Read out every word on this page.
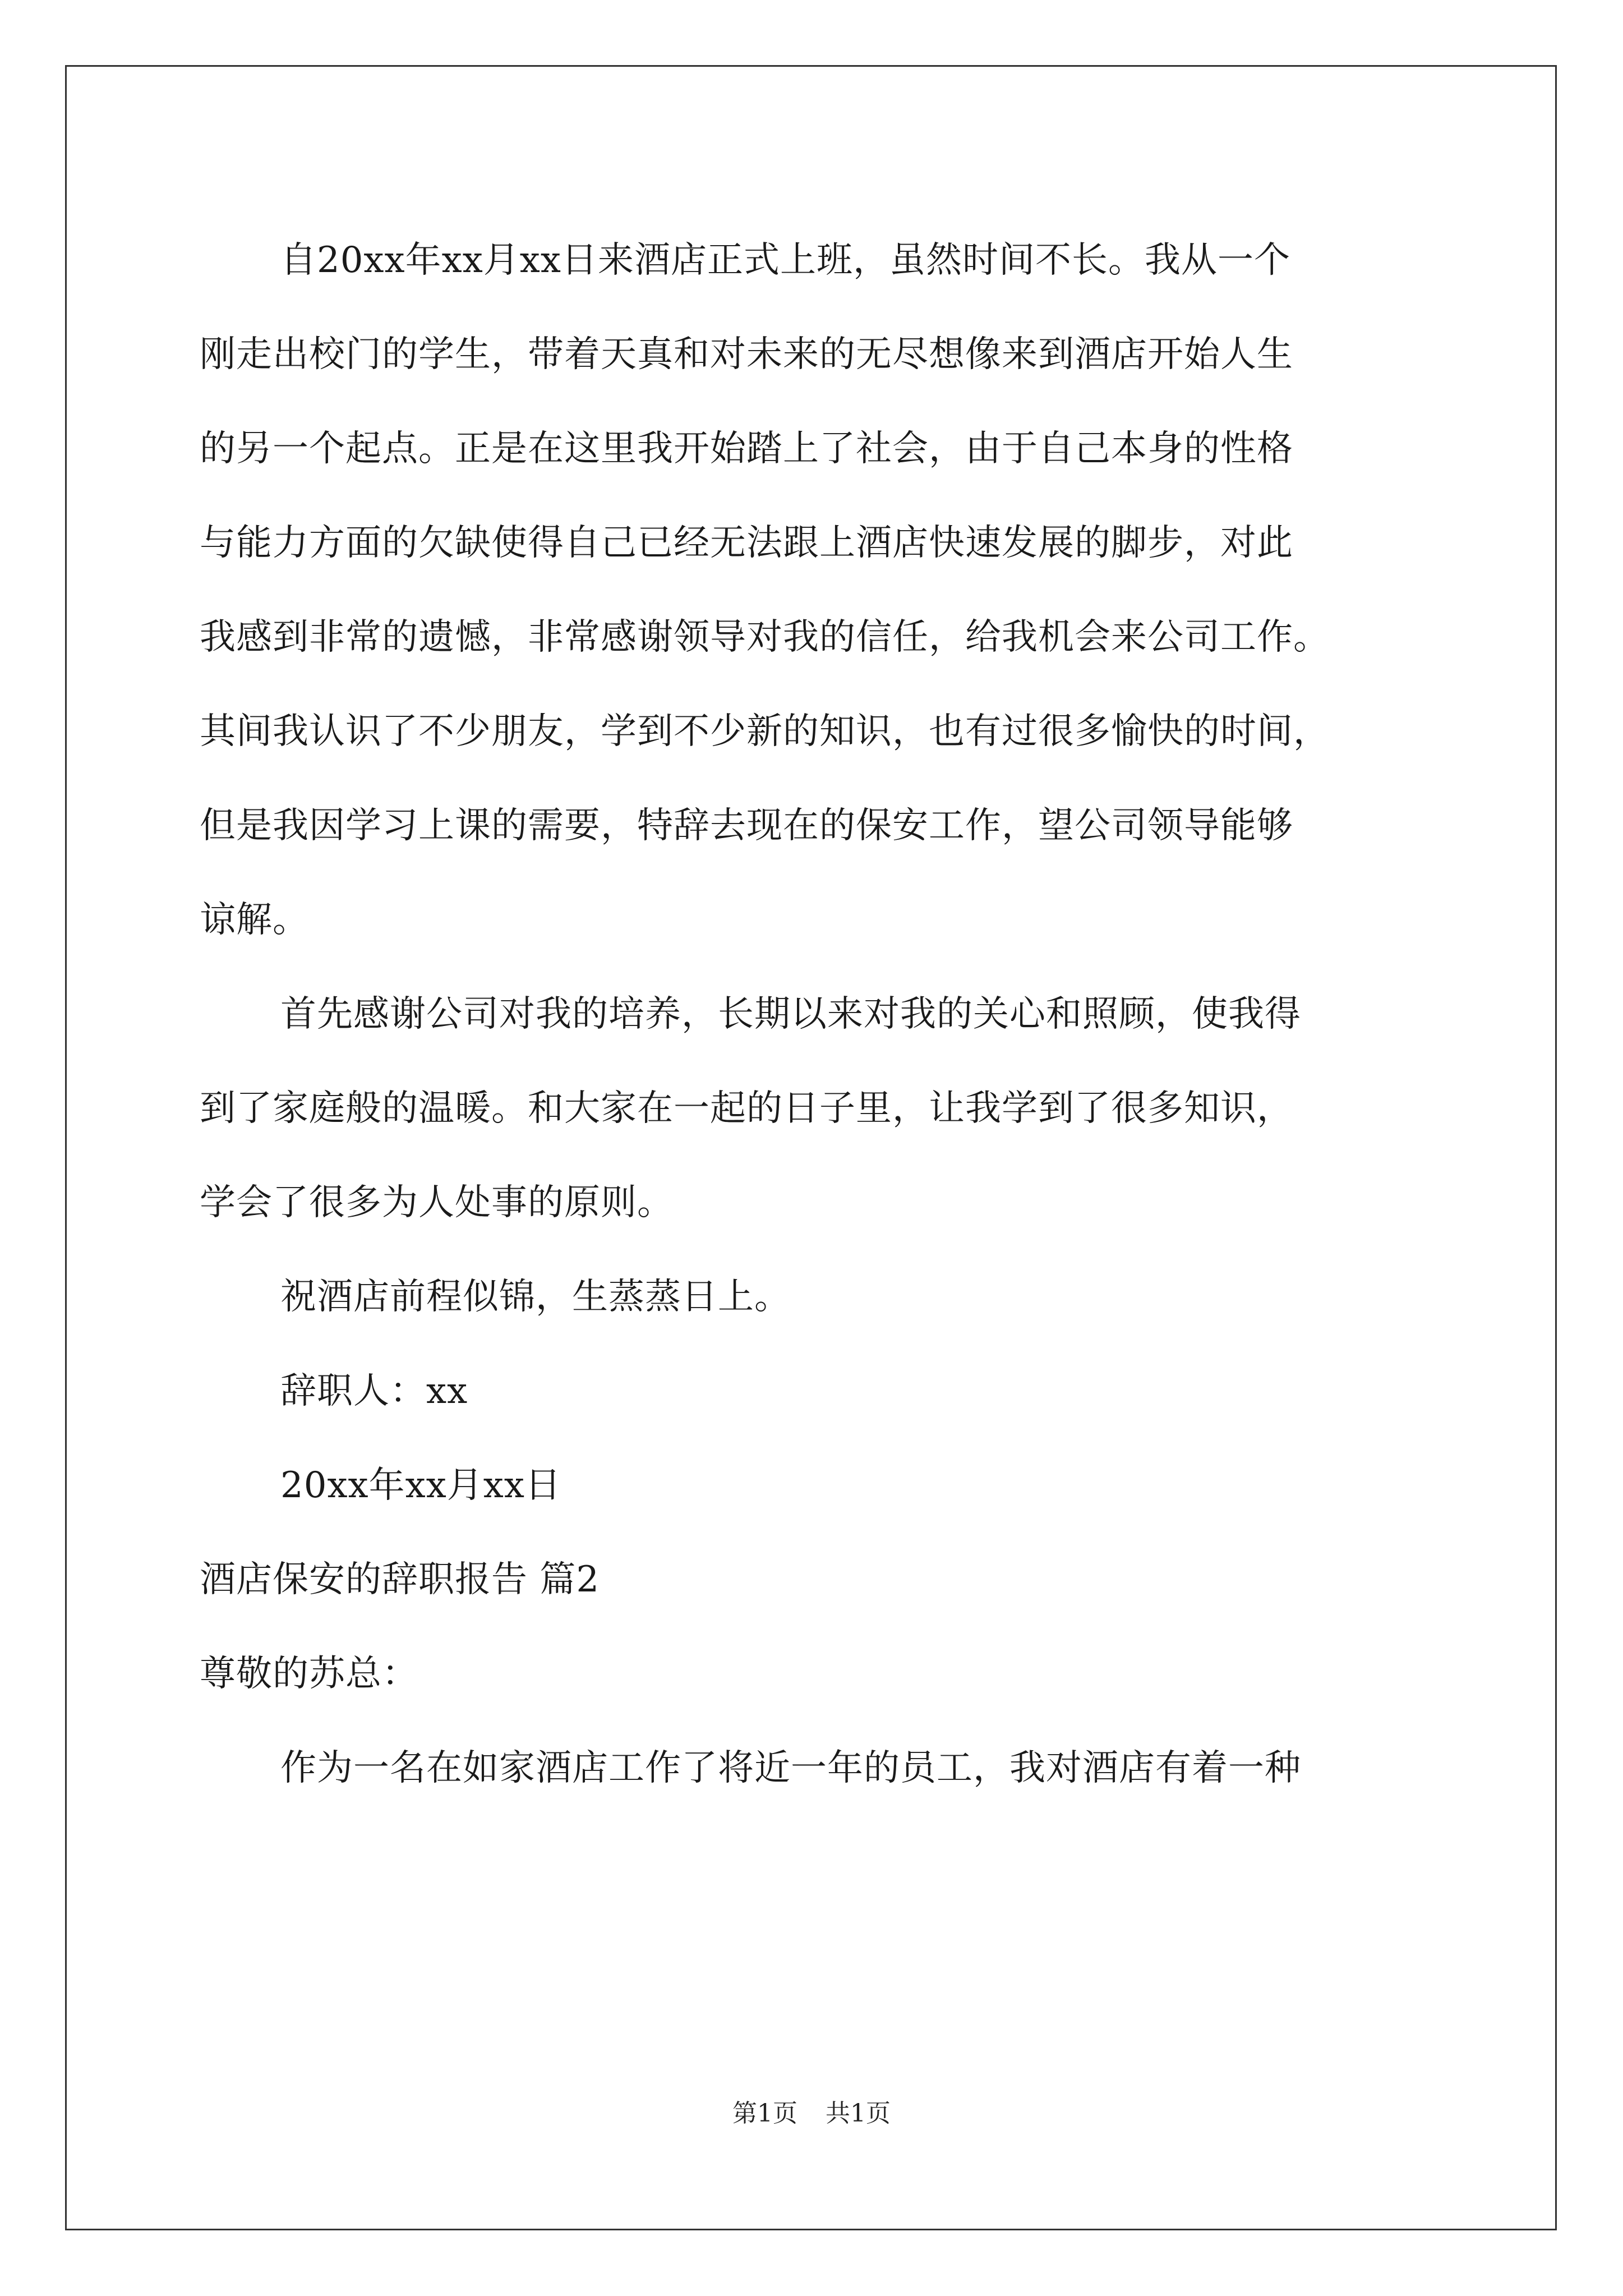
自20xx年xx月xx日来酒店正式上班，虽然时间不长。我从一个
刚走出校门的学生，带着天真和对未来的无尽想像来到酒店开始人生
的另一个起点。正是在这里我开始踏上了社会，由于自己本身的性格
与能力方面的欠缺使得自己已经无法跟上酒店快速发展的脚步，对此
我感到非常的遗憾，非常感谢领导对我的信任，给我机会来公司工作。
其间我认识了不少朋友，学到不少新的知识，也有过很多愉快的时间，
但是我因学习上课的需要，特辞去现在的保安工作，望公司领导能够
谅解。
首先感谢公司对我的培养，长期以来对我的关心和照顾，使我得
到了家庭般的温暖。和大家在一起的日子里，让我学到了很多知识，
学会了很多为人处事的原则。
祝酒店前程似锦，生蒸蒸日上。
辞职人：xx
20xx年xx月xx日
酒店保安的辞职报告 篇2
尊敬的苏总：
作为一名在如家酒店工作了将近一年的员工，我对酒店有着一种
第1页 共1页
